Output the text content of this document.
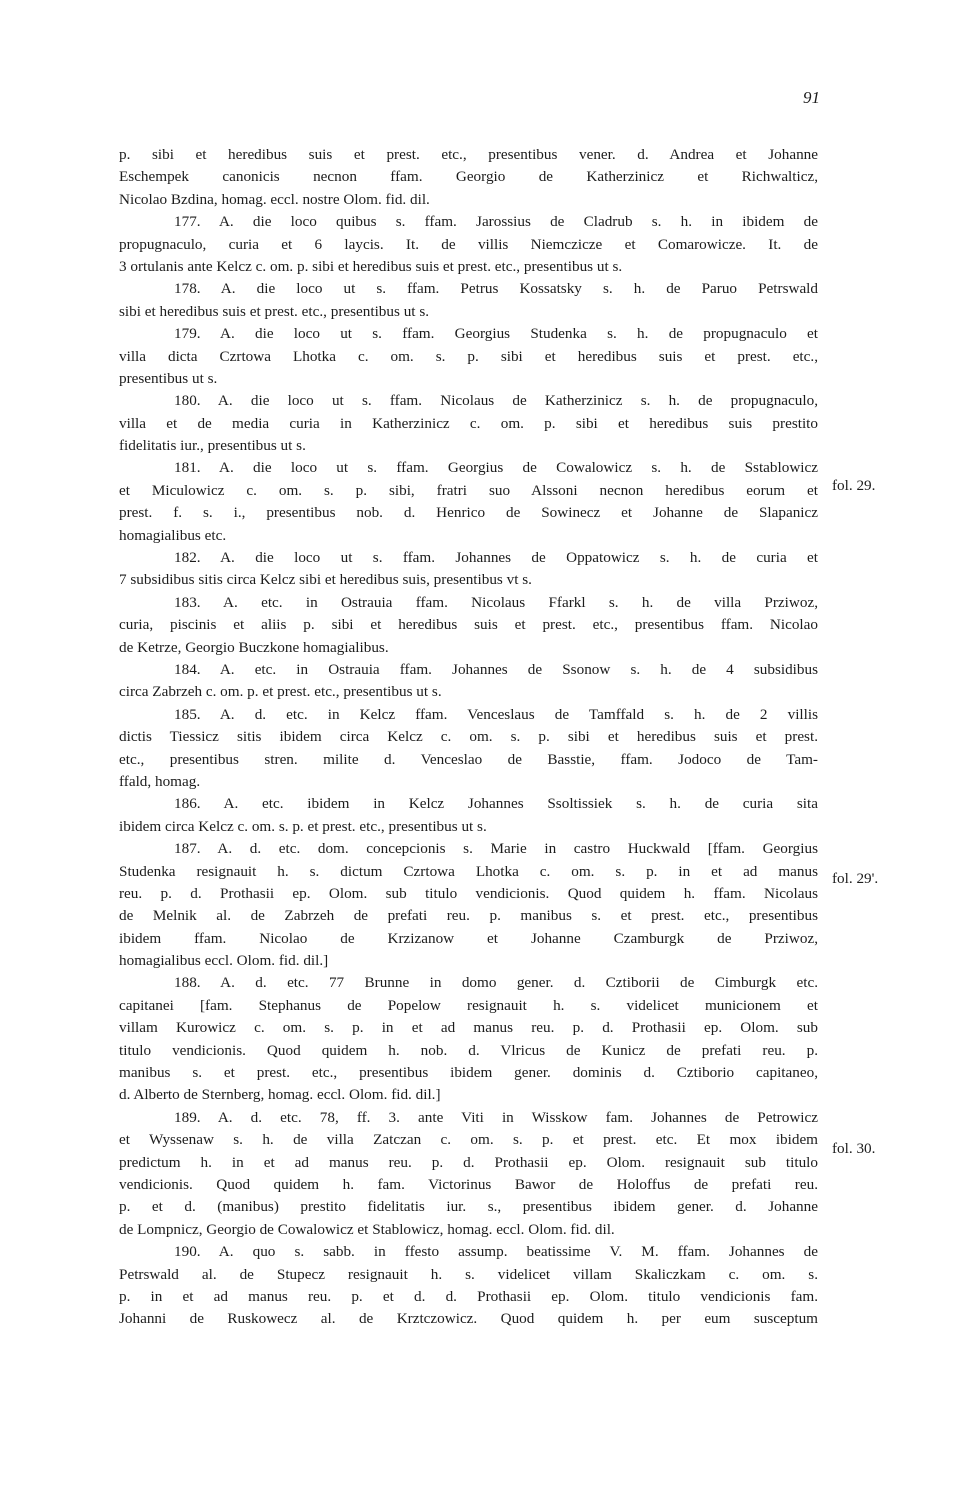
91
p. sibi et heredibus suis et prest. etc., presentibus vener. d. Andrea et Johanne
Eschempek canonicis necnon ffam. Georgio de Katherzinicz et Richwalticz,
Nicolao Bzdina, homag. eccl. nostre Olom. fid. dil.
177. A. die loco quibus s. ffam. Jarossius de Cladrub s. h. in ibidem de
propugnaculo, curia et 6 laycis. It. de villis Niemczicze et Comarowicze. It. de
3 ortulanis ante Kelcz c. om. p. sibi et heredibus suis et prest. etc., presentibus ut s.
178. A. die loco ut s. ffam. Petrus Kossatsky s. h. de Paruo Petrswald
sibi et heredibus suis et prest. etc., presentibus ut s.
179. A. die loco ut s. ffam. Georgius Studenka s. h. de propugnaculo et
villa dicta Czrtowa Lhotka c. om. s. p. sibi et heredibus suis et prest. etc.,
presentibus ut s.
180. A. die loco ut s. ffam. Nicolaus de Katherzinicz s. h. de propugnaculo,
villa et de media curia in Katherzinicz c. om. p. sibi et heredibus suis prestito
fidelitatis iur., presentibus ut s.
181. A. die loco ut s. ffam. Georgius de Cowalowicz s. h. de Sstablowicz
et Miculowicz c. om. s. p. sibi, fratri suo Alssoni necnon heredibus eorum et
prest. f. s. i., presentibus nob. d. Henrico de Sowinecz et Johanne de Slapanicz
homagialibus etc.
182. A. die loco ut s. ffam. Johannes de Oppatowicz s. h. de curia et
7 subsidibus sitis circa Kelcz sibi et heredibus suis, presentibus vt s.
183. A. etc. in Ostrauia ffam. Nicolaus Ffarkl s. h. de villa Prziwoz,
curia, piscinis et aliis p. sibi et heredibus suis et prest. etc., presentibus ffam. Nicolao
de Ketrze, Georgio Buczkone homagialibus.
184. A. etc. in Ostrauia ffam. Johannes de Ssonow s. h. de 4 subsidibus
circa Zabrzeh c. om. p. et prest. etc., presentibus ut s.
185. A. d. etc. in Kelcz ffam. Venceslaus de Tamffald s. h. de 2 villis
dictis Tiessicz sitis ibidem circa Kelcz c. om. s. p. sibi et heredibus suis et prest.
etc., presentibus stren. milite d. Venceslao de Basstie, ffam. Jodoco de Tam-
ffald, homag.
186. A. etc. ibidem in Kelcz Johannes Ssoltissiek s. h. de curia sita
ibidem circa Kelcz c. om. s. p. et prest. etc., presentibus ut s.
187. A. d. etc. dom. concepcionis s. Marie in castro Huckwald [ffam. Georgius
Studenka resignauit h. s. dictum Czrtowa Lhotka c. om. s. p. in et ad manus
reu. p. d. Prothasii ep. Olom. sub titulo vendicionis. Quod quidem h. ffam. Nicolaus
de Melnik al. de Zabrzeh de prefati reu. p. manibus s. et prest. etc., presentibus
ibidem ffam. Nicolao de Krzizanow et Johanne Czamburgk de Prziwoz,
homagialibus eccl. Olom. fid. dil.]
188. A. d. etc. 77 Brunne in domo gener. d. Cztiborii de Cimburgk etc.
capitanei [fam. Stephanus de Popelow resignauit h. s. videlicet municionem et
villam Kurowicz c. om. s. p. in et ad manus reu. p. d. Prothasii ep. Olom. sub
titulo vendicionis. Quod quidem h. nob. d. Vlricus de Kunicz de prefati reu. p.
manibus s. et prest. etc., presentibus ibidem gener. dominis d. Cztiborio capitaneo,
d. Alberto de Sternberg, homag. eccl. Olom. fid. dil.]
189. A. d. etc. 78, ff. 3. ante Viti in Wisskow fam. Johannes de Petrowicz
et Wyssenaw s. h. de villa Zatczan c. om. s. p. et prest. etc. Et mox ibidem
predictum h. in et ad manus reu. p. d. Prothasii ep. Olom. resignauit sub titulo
vendicionis. Quod quidem h. fam. Victorinus Bawor de Holoffus de prefati reu.
p. et d. (manibus) prestito fidelitatis iur. s., presentibus ibidem gener. d. Johanne
de Lompnicz, Georgio de Cowalowicz et Stablowicz, homag. eccl. Olom. fid. dil.
190. A. quo s. sabb. in ffesto assump. beatissime V. M. ffam. Johannes de
Petrswald al. de Stupecz resignauit h. s. videlicet villam Skaliczkam c. om. s.
p. in et ad manus reu. p. et d. d. Prothasii ep. Olom. titulo vendicionis fam.
Johanni de Ruskowecz al. de Krztczowicz. Quod quidem h. per eum susceptum
fol. 29.
fol. 29'.
fol. 30.
